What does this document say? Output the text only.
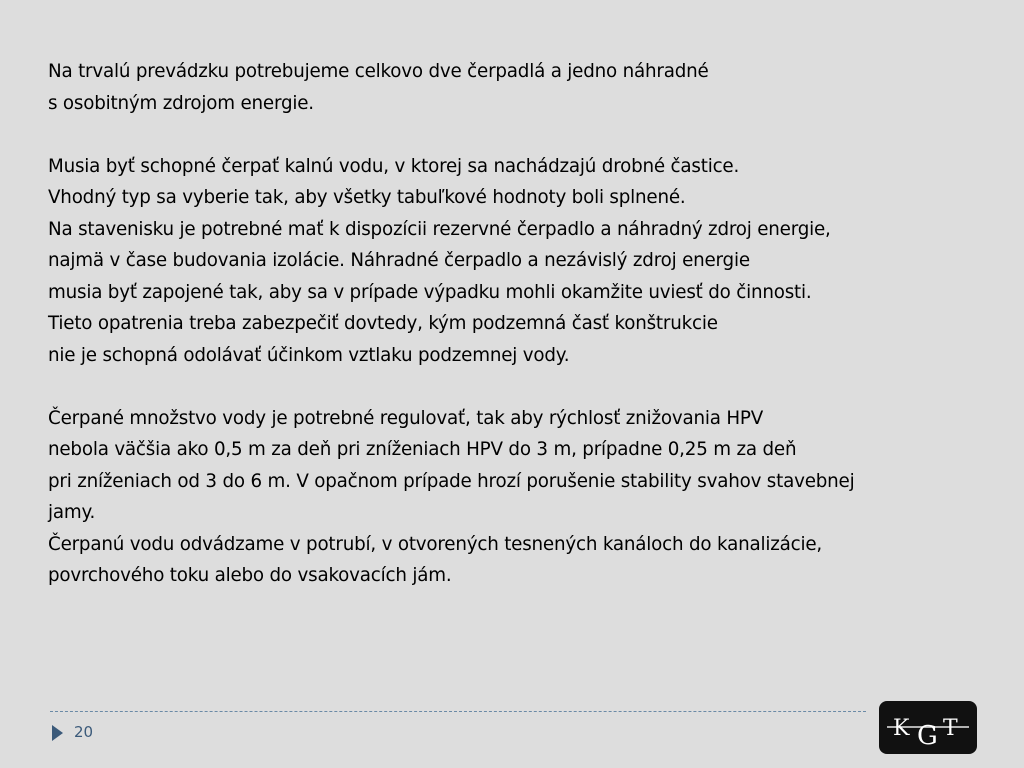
Na trvalú prevádzku potrebujeme celkovo dve čerpadlá a jedno náhradné
s osobitným zdrojom energie.
Musia byť schopné čerpať kalnú vodu, v ktorej sa nachádzajú drobné častice.
Vhodný typ sa vyberie tak, aby všetky tabuľkové hodnoty boli splnené.
Na stavenisku je potrebné mať k dispozícii rezervné čerpadlo a náhradný zdroj energie,
najmä v čase budovania izolácie. Náhradné čerpadlo a nezávislý zdroj energie
musia byť zapojené tak, aby sa v prípade výpadku mohli okamžite uviesť do činnosti.
Tieto opatrenia treba zabezpečiť dovtedy, kým podzemná časť konštrukcie
nie je schopná odolávať účinkom vztlaku podzemnej vody.
Čerpané množstvo vody je potrebné regulovať, tak aby rýchlosť znižovania HPV
nebola väčšia ako 0,5 m za deň pri zníženiach HPV do 3 m, prípadne 0,25 m za deň
pri zníženiach od 3 do 6 m. V opačnom prípade hrozí porušenie stability svahov stavebnej
jamy.
Čerpanú vodu odvádzame v potrubí, v otvorených tesnených kanáloch do kanalizácie,
povrchového toku alebo do vsakovacích jám.
20	K G T
